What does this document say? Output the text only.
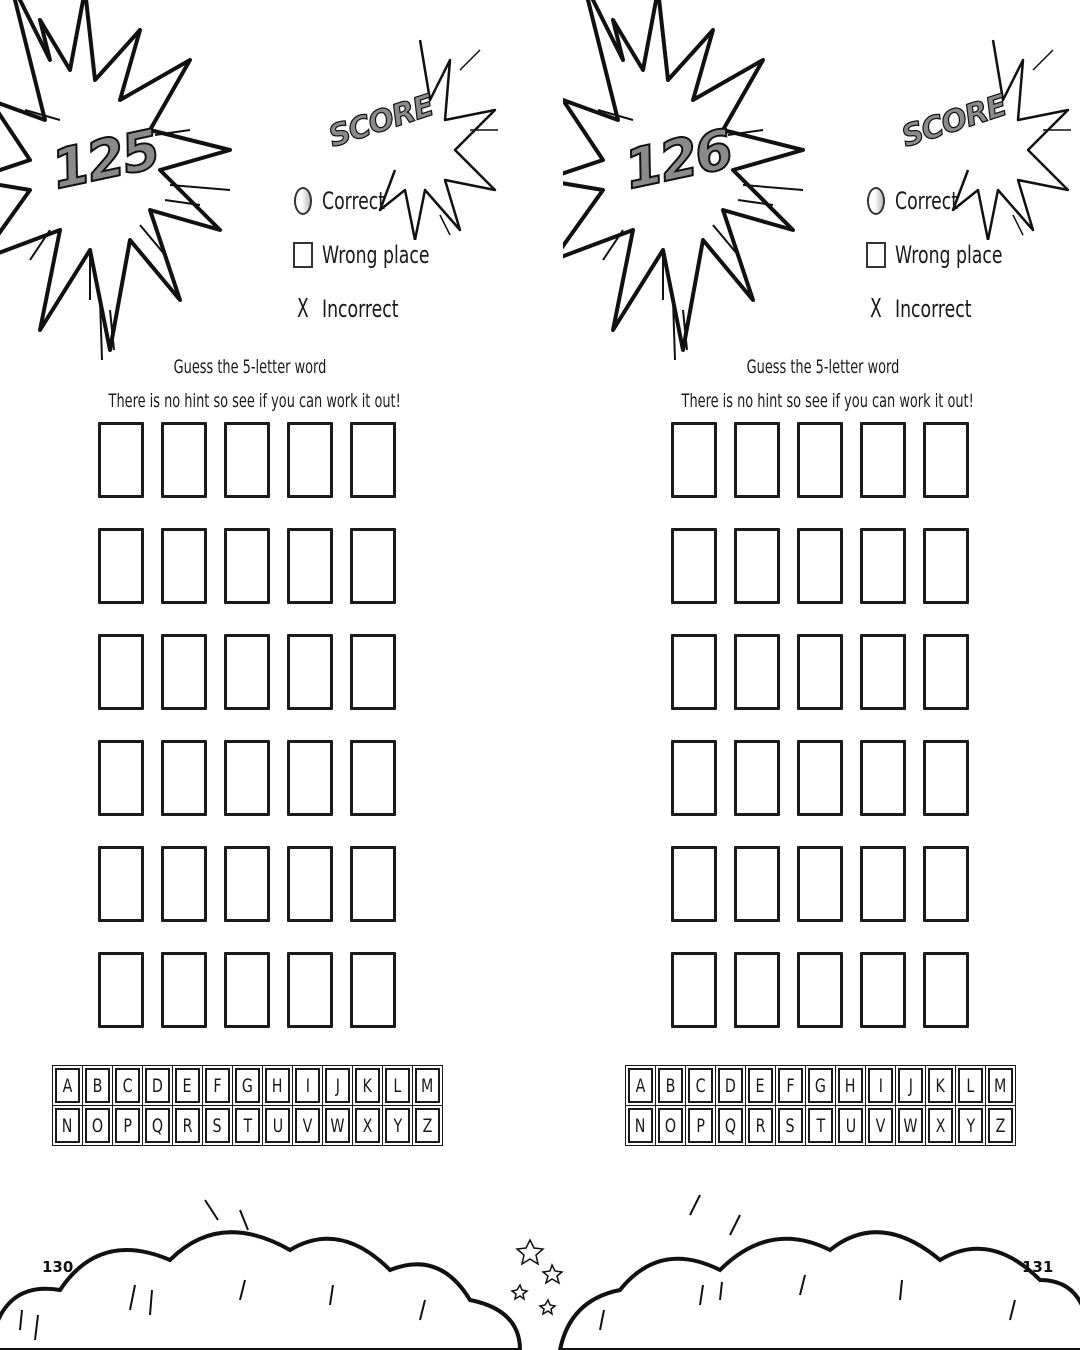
125	SCORE
Correct
Wrong place
X Incorrect
Guess the 5-letter word
There is no hint so see if you can work it out!
A B C D E F G H I J K L M
N O P Q R S T U V W X Y Z
126	SCORE
Correct
Wrong place
X Incorrect
Guess the 5-letter word
There is no hint so see if you can work it out!
A B C D E F G H I J K L M
N O P Q R S T U V W X Y Z
130	131
